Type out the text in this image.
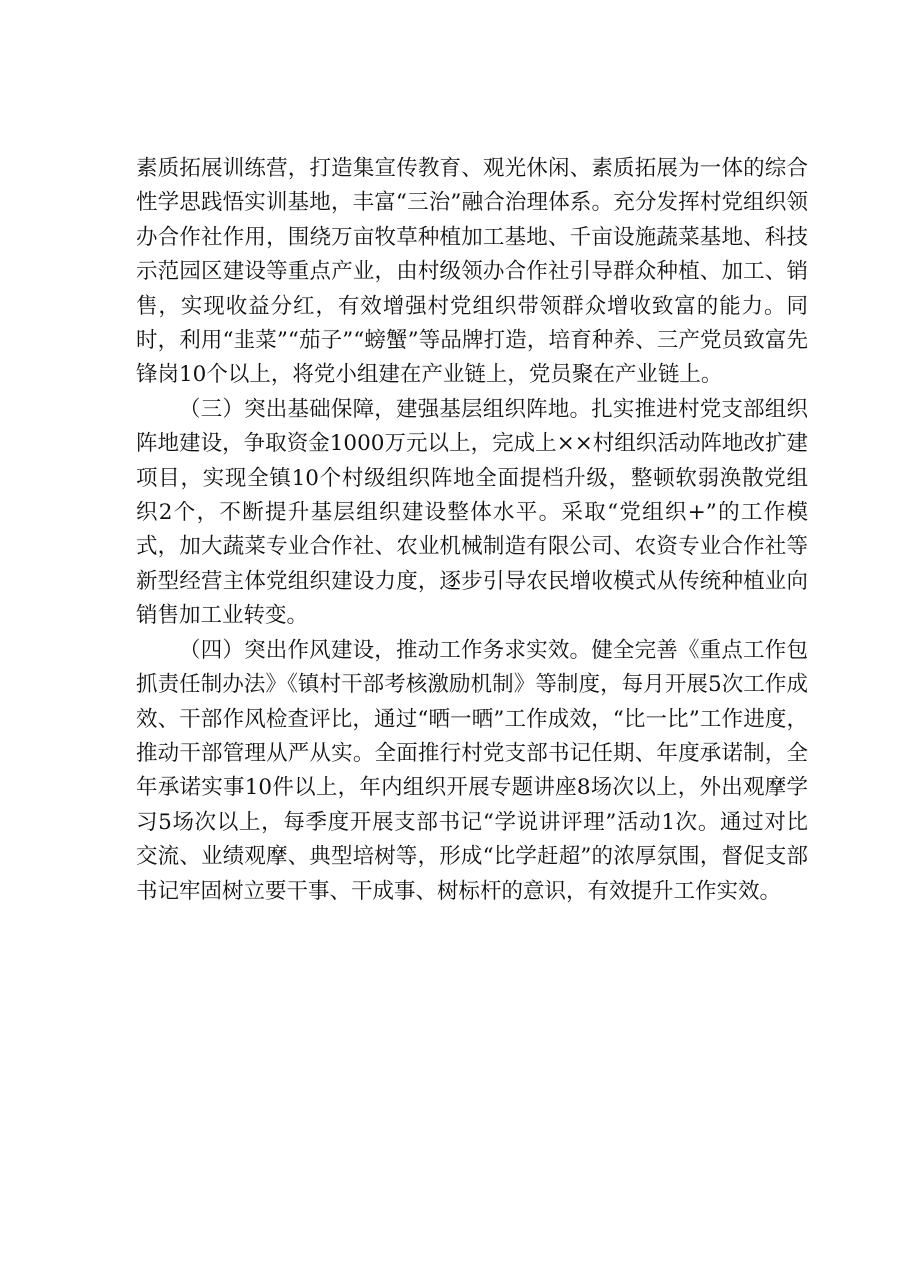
素质拓展训练营，打造集宣传教育、观光休闲、素质拓展为一体的综合性学思践悟实训基地，丰富“三治”融合治理体系。充分发挥村党组织领办合作社作用，围绕万亩牧草种植加工基地、千亩设施蔬菜基地、科技示范园区建设等重点产业，由村级领办合作社引导群众种植、加工、销售，实现收益分红，有效增强村党组织带领群众增收致富的能力。同时，利用“韭菜”“茄子”“螃蟹”等品牌打造，培育种养、三产党员致富先锋岗10个以上，将党小组建在产业链上，党员聚在产业链上。

（三）突出基础保障，建强基层组织阵地。扎实推进村党支部组织阵地建设，争取资金1000万元以上，完成上××村组织活动阵地改扩建项目，实现全镇10个村级组织阵地全面提档升级，整顿软弱涣散党组织2个，不断提升基层组织建设整体水平。采取“党组织+”的工作模式，加大蔬菜专业合作社、农业机械制造有限公司、农资专业合作社等新型经营主体党组织建设力度，逐步引导农民增收模式从传统种植业向销售加工业转变。

（四）突出作风建设，推动工作务求实效。健全完善《重点工作包抓责任制办法》《镇村干部考核激励机制》等制度，每月开展5次工作成效、干部作风检查评比，通过“晒一晒”工作成效，“比一比”工作进度，推动干部管理从严从实。全面推行村党支部书记任期、年度承诺制，全年承诺实事10件以上，年内组织开展专题讲座8场次以上，外出观摩学习5场次以上，每季度开展支部书记“学说讲评理”活动1次。通过对比交流、业绩观摩、典型培树等，形成“比学赶超”的浓厚氛围，督促支部书记牢固树立要干事、干成事、树标杆的意识，有效提升工作实效。
